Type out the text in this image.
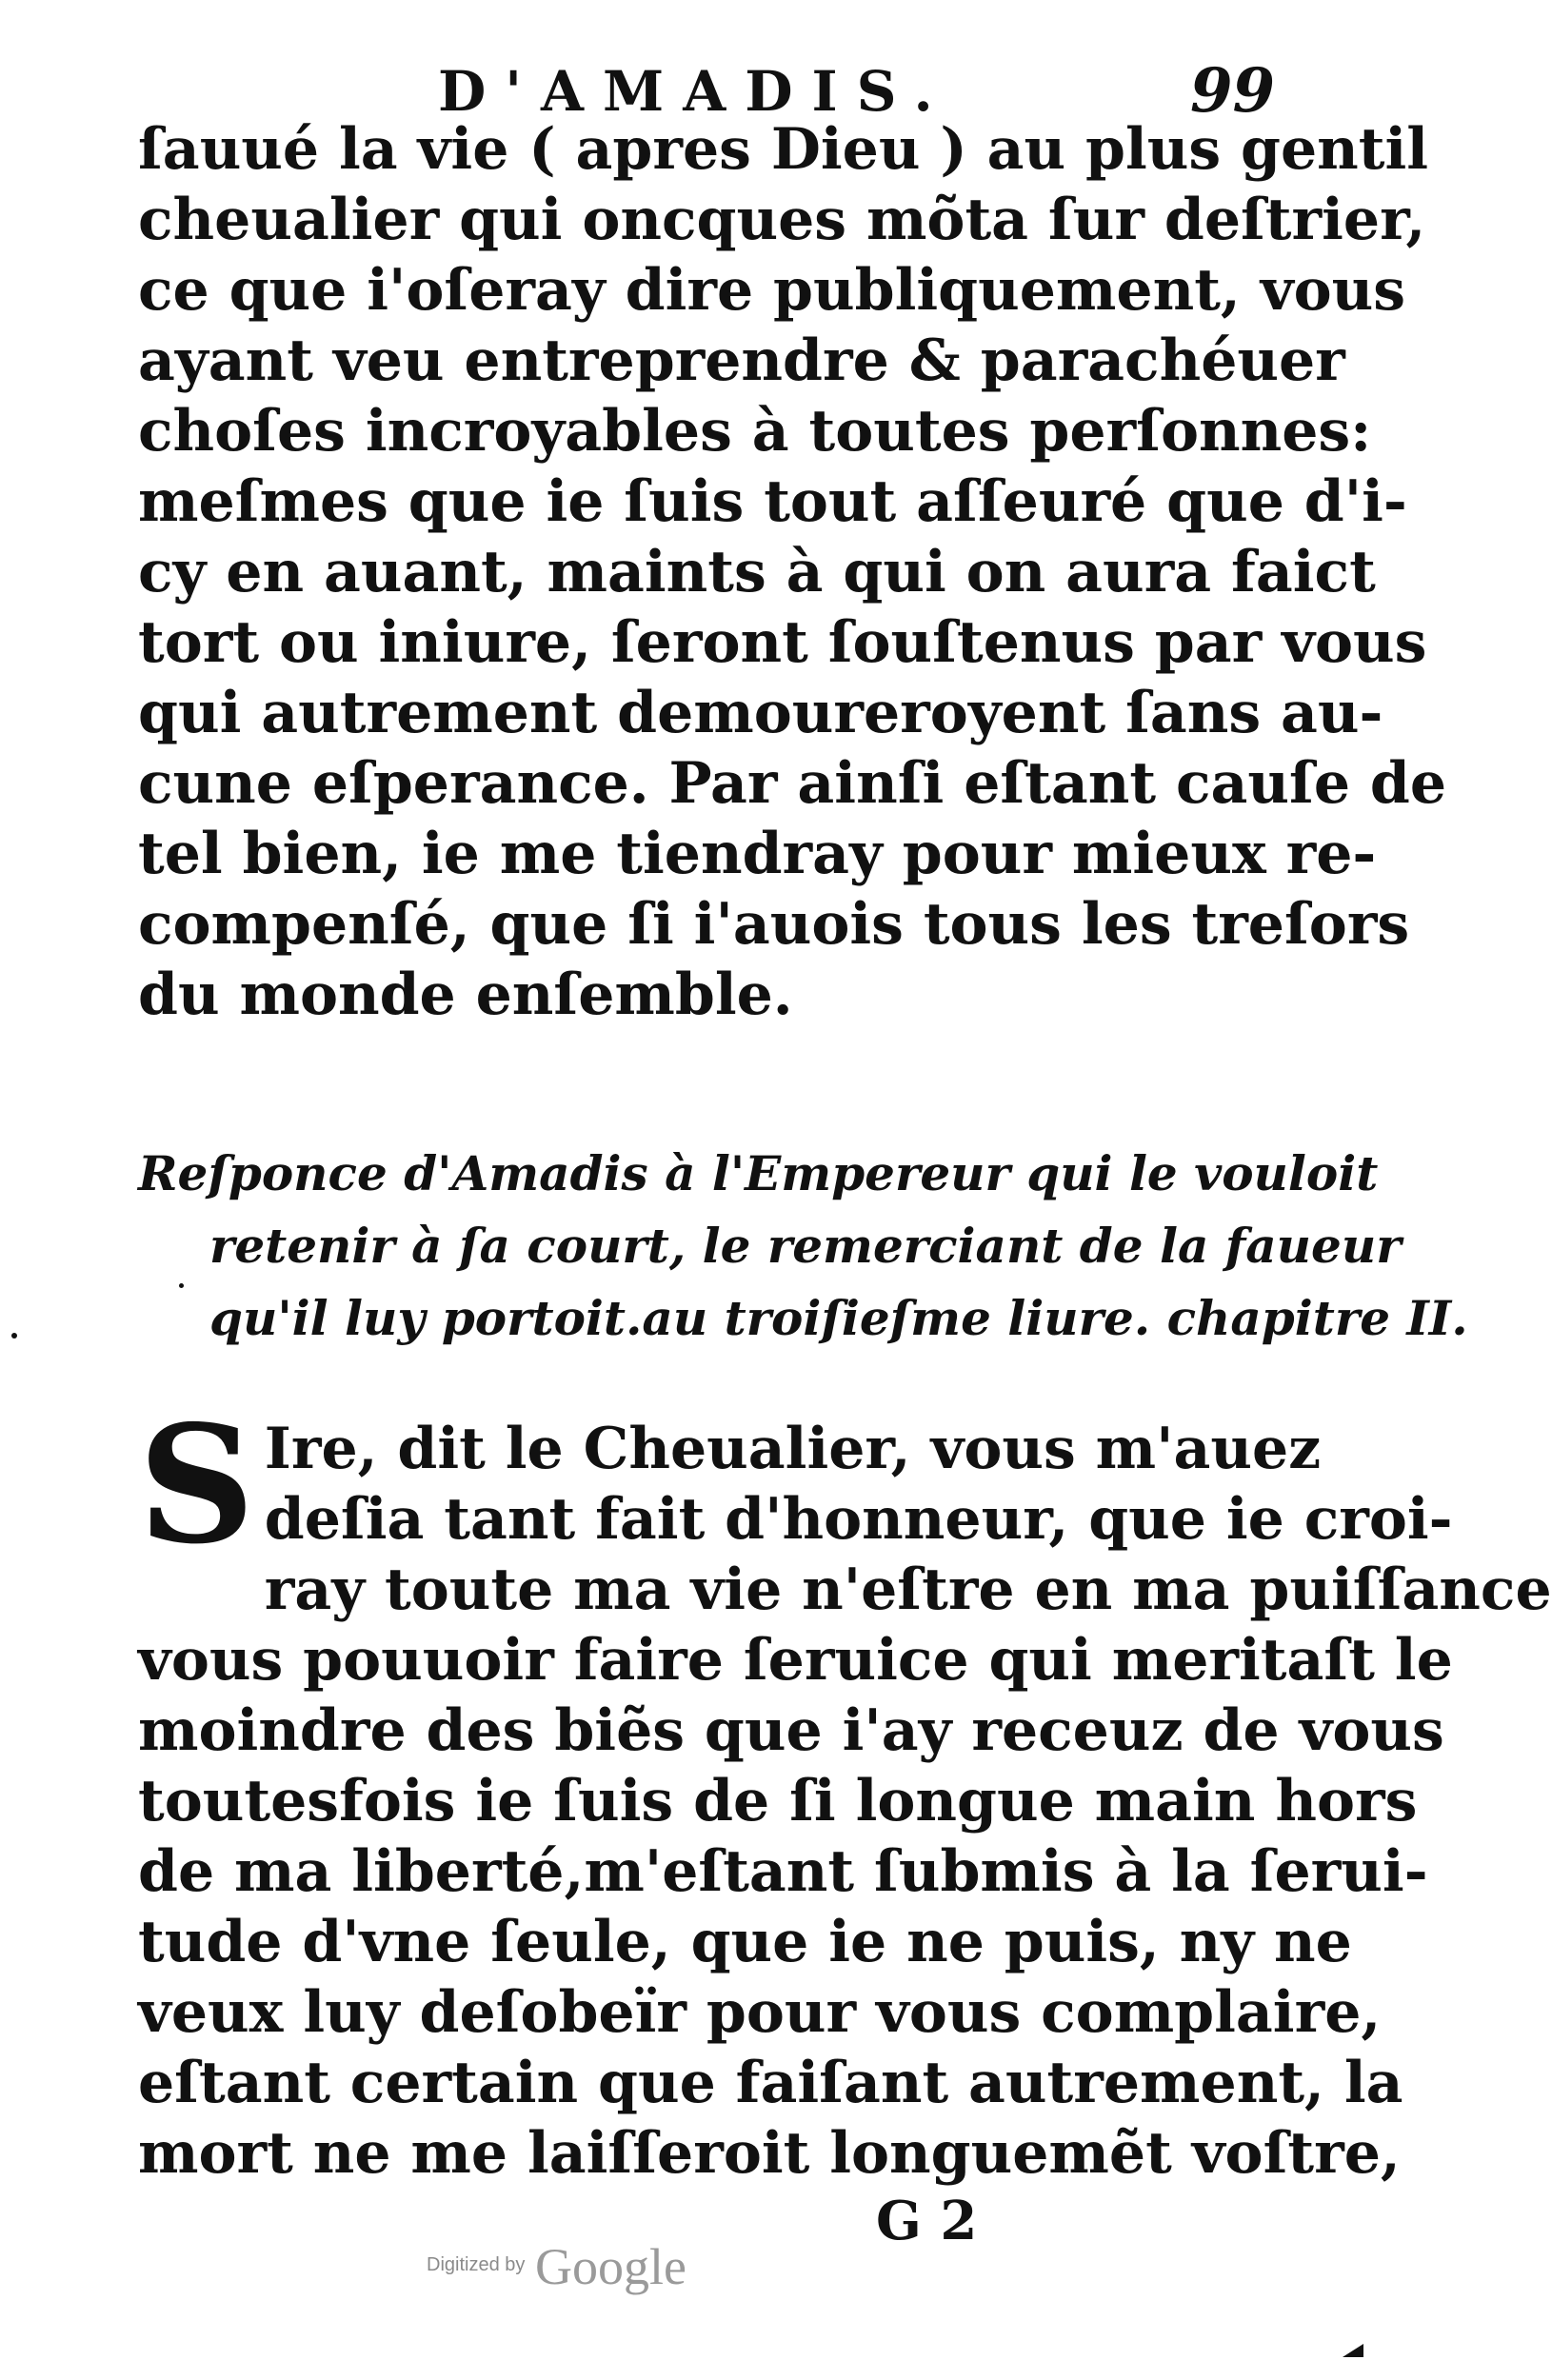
D'AMADIS.	99
ſauué la vie ( apres Dieu ) au plus gentil
cheualier qui oncques mõta ſur deſtrier,
ce que i'oſeray dire publiquement, vous
ayant veu entreprendre & parachéuer
choſes incroyables à toutes perſonnes:
meſmes que ie ſuis tout aſſeuré que d'i-
cy en auant, maints à qui on aura faict
tort ou iniure, ſeront ſouſtenus par vous
qui autrement demoureroyent ſans au-
cune eſperance. Par ainſi eſtant cauſe de
tel bien, ie me tiendray pour mieux re-
compenſé, que ſi i'auois tous les treſors
du monde enſemble.
Reſponce d'Amadis à l'Empereur qui le vouloit
retenir à ſa court, le remerciant de la faueur
qu'il luy portoit.au troiſieſme liure. chapitre II.
S Ire, dit le Cheualier, vous m'auez
deſia tant fait d'honneur, que ie croi-
ray toute ma vie n'eſtre en ma puiſſance
vous pouuoir faire ſeruice qui meritaſt le
moindre des biẽs que i'ay receuz de vous
toutesfois ie ſuis de ſi longue main hors
de ma liberté,m'eſtant ſubmis à la ſerui-
tude d'vne ſeule, que ie ne puis, ny ne
veux luy deſobeïr pour vous complaire,
eſtant certain que faiſant autrement, la
mort ne me laiſſeroit longuemẽt voſtre,
G 2
Digitized by Google
